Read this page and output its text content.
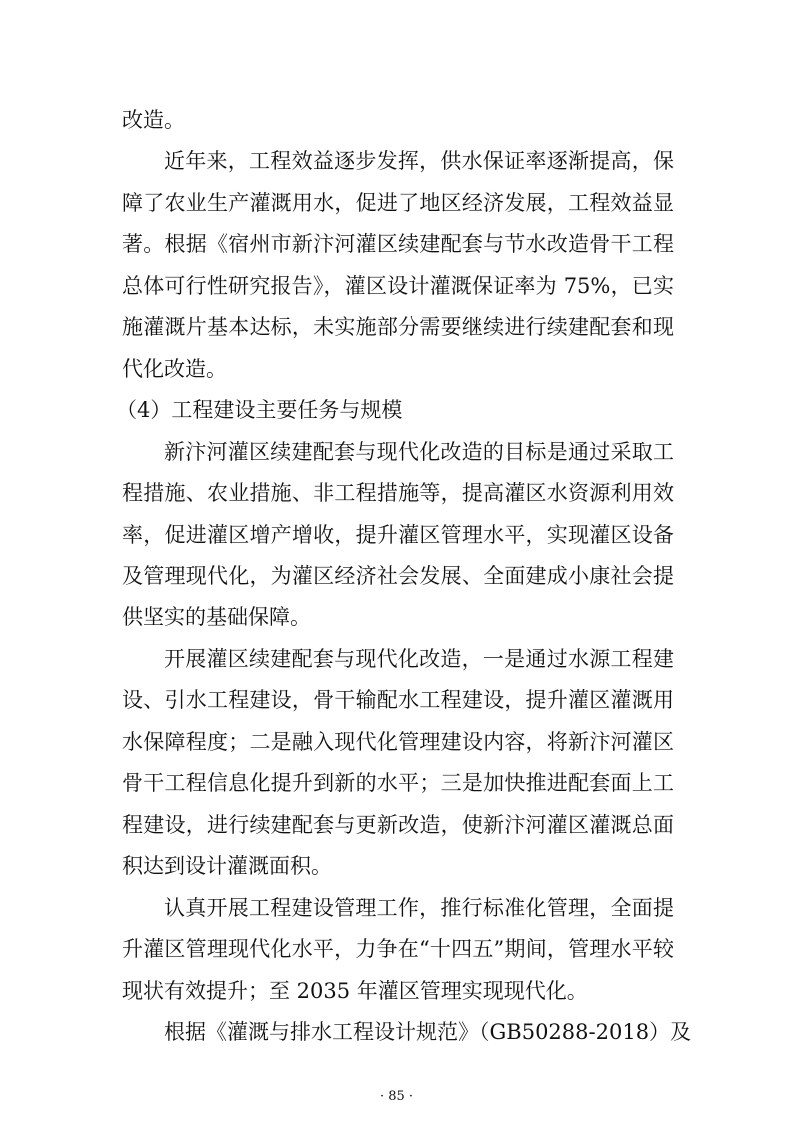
改造。
近年来，工程效益逐步发挥，供水保证率逐渐提高，保
障了农业生产灌溉用水，促进了地区经济发展，工程效益显
著。根据《宿州市新汴河灌区续建配套与节水改造骨干工程
总体可行性研究报告》，灌区设计灌溉保证率为 75%，已实
施灌溉片基本达标，未实施部分需要继续进行续建配套和现
代化改造。
（4）工程建设主要任务与规模
新汴河灌区续建配套与现代化改造的目标是通过采取工
程措施、农业措施、非工程措施等，提高灌区水资源利用效
率，促进灌区增产增收，提升灌区管理水平，实现灌区设备
及管理现代化，为灌区经济社会发展、全面建成小康社会提
供坚实的基础保障。
开展灌区续建配套与现代化改造，一是通过水源工程建
设、引水工程建设，骨干输配水工程建设，提升灌区灌溉用
水保障程度；二是融入现代化管理建设内容，将新汴河灌区
骨干工程信息化提升到新的水平；三是加快推进配套面上工
程建设，进行续建配套与更新改造，使新汴河灌区灌溉总面
积达到设计灌溉面积。
认真开展工程建设管理工作，推行标准化管理，全面提
升灌区管理现代化水平，力争在“十四五”期间，管理水平较
现状有效提升；至 2035 年灌区管理实现现代化。
根据《灌溉与排水工程设计规范》（GB50288-2018）及
· 85 ·
